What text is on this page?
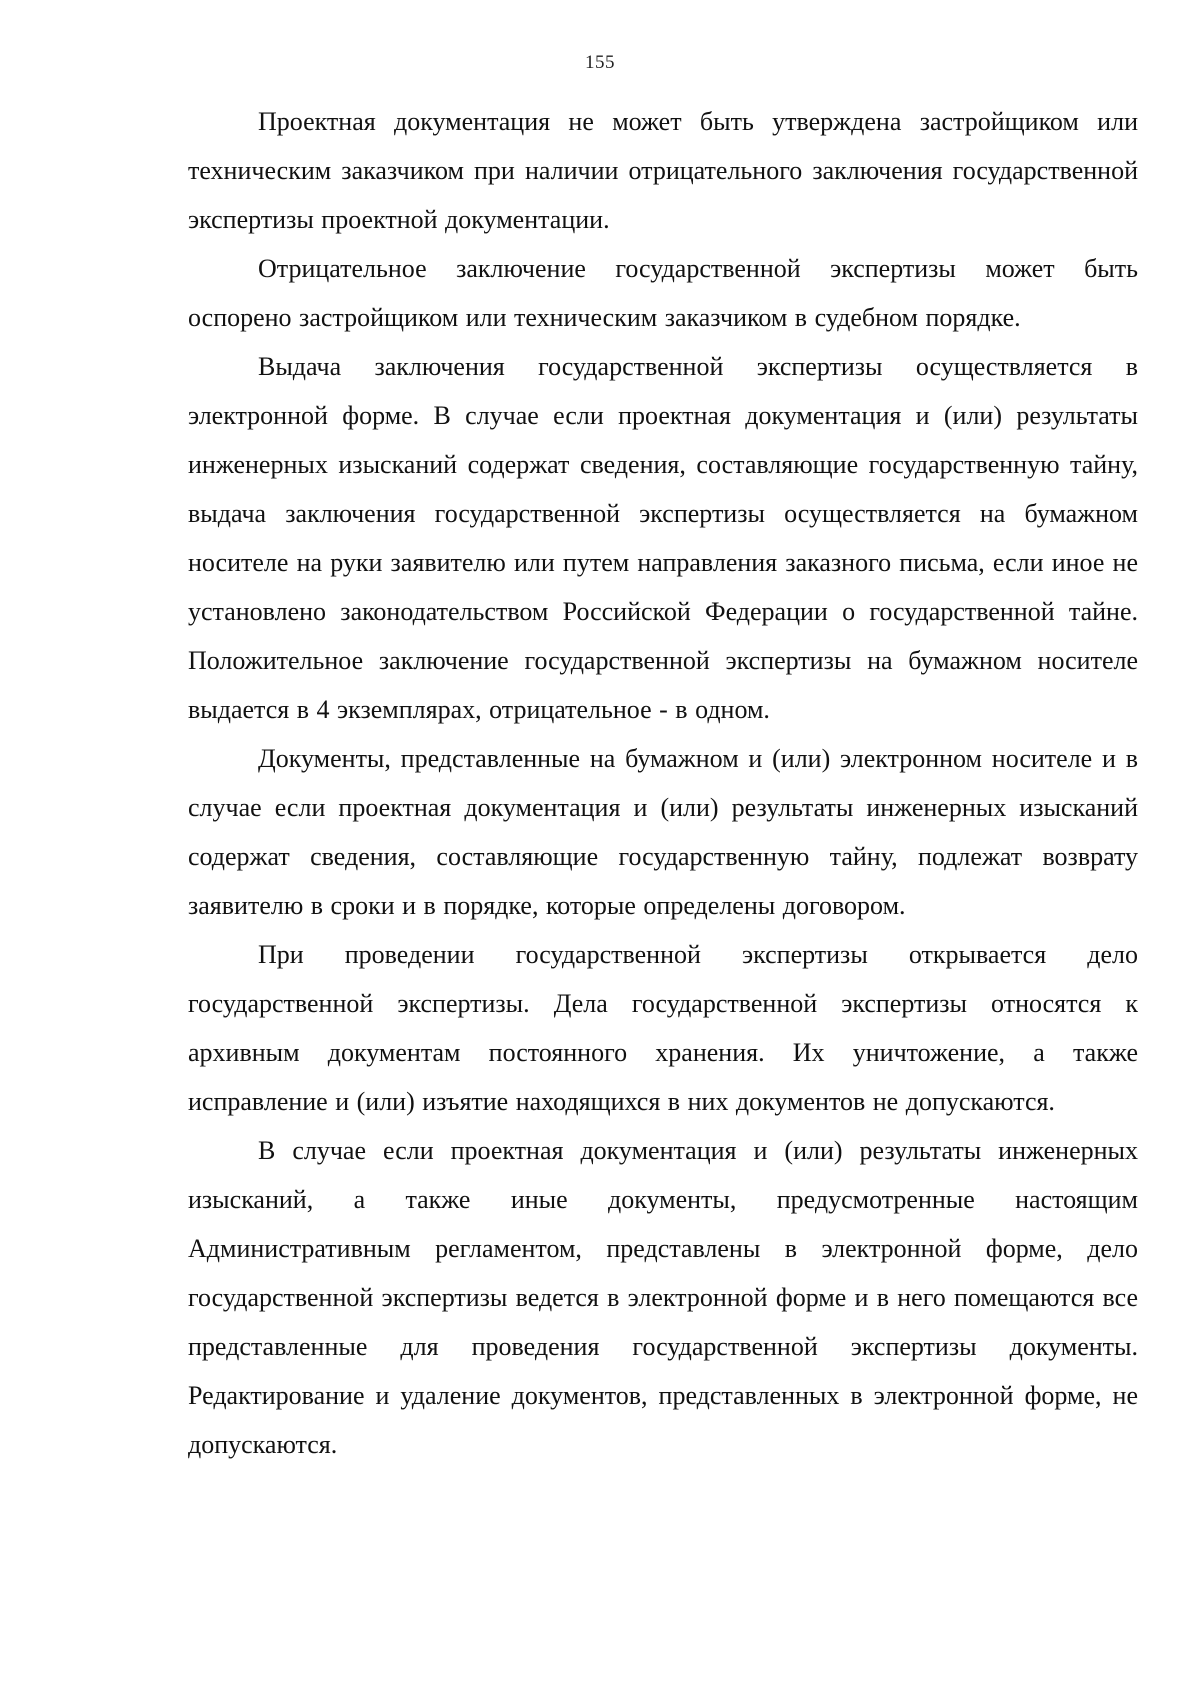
155

Проектная документация не может быть утверждена застройщиком или техническим заказчиком при наличии отрицательного заключения государственной экспертизы проектной документации.

Отрицательное заключение государственной экспертизы может быть оспорено застройщиком или техническим заказчиком в судебном порядке.

Выдача заключения государственной экспертизы осуществляется в электронной форме. В случае если проектная документация и (или) результаты инженерных изысканий содержат сведения, составляющие государственную тайну, выдача заключения государственной экспертизы осуществляется на бумажном носителе на руки заявителю или путем направления заказного письма, если иное не установлено законодательством Российской Федерации о государственной тайне. Положительное заключение государственной экспертизы на бумажном носителе выдается в 4 экземплярах, отрицательное - в одном.

Документы, представленные на бумажном и (или) электронном носителе и в случае если проектная документация и (или) результаты инженерных изысканий содержат сведения, составляющие государственную тайну, подлежат возврату заявителю в сроки и в порядке, которые определены договором.

При проведении государственной экспертизы открывается дело государственной экспертизы. Дела государственной экспертизы относятся к архивным документам постоянного хранения. Их уничтожение, а также исправление и (или) изъятие находящихся в них документов не допускаются.

В случае если проектная документация и (или) результаты инженерных изысканий, а также иные документы, предусмотренные настоящим Административным регламентом, представлены в электронной форме, дело государственной экспертизы ведется в электронной форме и в него помещаются все представленные для проведения государственной экспертизы документы. Редактирование и удаление документов, представленных в электронной форме, не допускаются.
